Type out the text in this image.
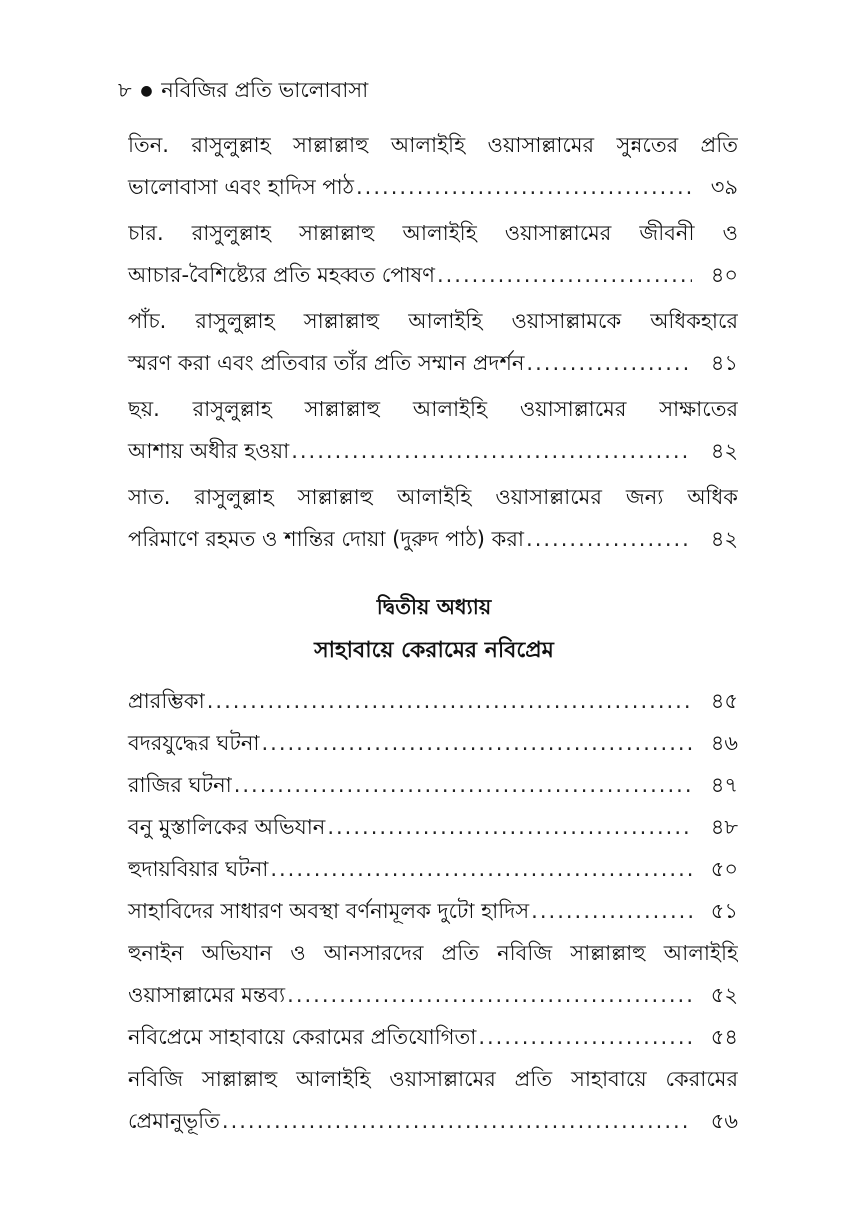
৮ ● নবিজির প্রতি ভালোবাসা
তিন. রাসুলুল্লাহ সাল্লাল্লাহু আলাইহি ওয়াসাল্লামের সুন্নতের প্রতি
ভালোবাসা এবং হাদিস পাঠ .....	৩৯
চার. রাসুলুল্লাহ সাল্লাল্লাহু আলাইহি ওয়াসাল্লামের জীবনী ও
আচার-বৈশিষ্ট্যের প্রতি মহব্বত পোষণ .....	৪০
পাঁচ. রাসুলুল্লাহ সাল্লাল্লাহু আলাইহি ওয়াসাল্লামকে অধিকহারে
স্মরণ করা এবং প্রতিবার তাঁর প্রতি সম্মান প্রদর্শন .....	৪১
ছয়. রাসুলুল্লাহ সাল্লাল্লাহু আলাইহি ওয়াসাল্লামের সাক্ষাতের
আশায় অধীর হওয়া .....	৪২
সাত. রাসুলুল্লাহ সাল্লাল্লাহু আলাইহি ওয়াসাল্লামের জন্য অধিক
পরিমাণে রহমত ও শান্তির দোয়া (দুরুদ পাঠ) করা .....	৪২
দ্বিতীয় অধ্যায়
সাহাবায়ে কেরামের নবিপ্রেম
প্রারম্ভিকা .....	৪৫
বদরযুদ্ধের ঘটনা .....	৪৬
রাজির ঘটনা .....	৪৭
বনু মুস্তালিকের অভিযান .....	৪৮
হুদায়বিয়ার ঘটনা .....	৫০
সাহাবিদের সাধারণ অবস্থা বর্ণনামূলক দুটো হাদিস .....	৫১
হুনাইন অভিযান ও আনসারদের প্রতি নবিজি সাল্লাল্লাহু আলাইহি
ওয়াসাল্লামের মন্তব্য .....	৫২
নবিপ্রেমে সাহাবায়ে কেরামের প্রতিযোগিতা .....	৫৪
নবিজি সাল্লাল্লাহু আলাইহি ওয়াসাল্লামের প্রতি সাহাবায়ে কেরামের
প্রেমানুভূতি .....	৫৬
